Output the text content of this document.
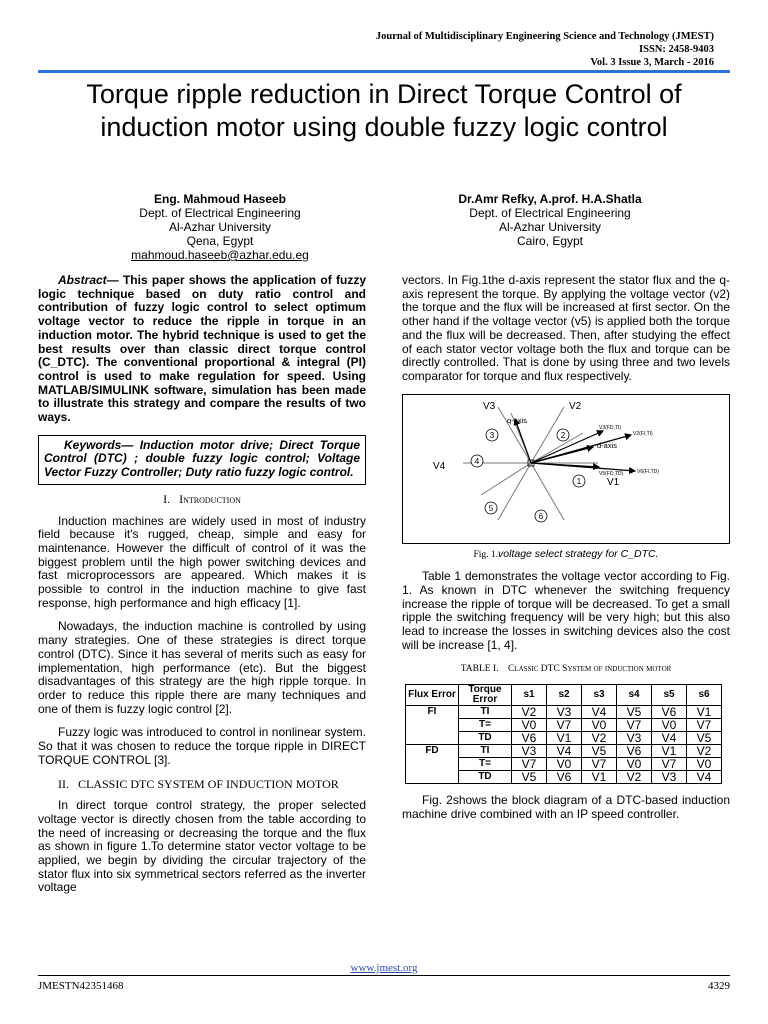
Journal of Multidisciplinary Engineering Science and Technology (JMEST)
ISSN: 2458-9403
Vol. 3 Issue 3, March - 2016
Torque ripple reduction in Direct Torque Control of induction motor using double fuzzy logic control
Eng. Mahmoud Haseeb
Dept. of Electrical Engineering
Al-Azhar University
Qena, Egypt
mahmoud.haseeb@azhar.edu.eg
Dr.Amr Refky, A.prof. H.A.Shatla
Dept. of Electrical Engineering
Al-Azhar University
Cairo, Egypt

Abstract— This paper shows the application of fuzzy logic technique based on duty ratio control and contribution of fuzzy logic control to select optimum voltage vector to reduce the ripple in torque in an induction motor. The hybrid technique is used to get the best results over than classic direct torque control (C_DTC). The conventional proportional & integral (PI) control is used to make regulation for speed. Using MATLAB/SIMULINK software, simulation has been made to illustrate this strategy and compare the results of two ways.

Keywords— Induction motor drive; Direct Torque Control (DTC) ; double fuzzy logic control; Voltage Vector Fuzzy Controller; Duty ratio fuzzy logic control.
I. Introduction

Induction machines are widely used in most of industry field because it's rugged, cheap, simple and easy for maintenance. However the difficult of control of it was the biggest problem until the high power switching devices and fast microprocessors are appeared. Which makes it is possible to control in the induction machine to give fast response, high performance and high efficacy [1].

Nowadays, the induction machine is controlled by using many strategies. One of these strategies is direct torque control (DTC). Since it has several of merits such as easy for implementation, high performance (etc). But the biggest disadvantages of this strategy are the high ripple torque. In order to reduce this ripple there are many techniques and one of them is fuzzy logic control [2].

Fuzzy logic was introduced to control in nonlinear system. So that it was chosen to reduce the torque ripple in DIRECT TORQUE CONTROL [3].

II. CLASSIC DTC SYSTEM OF INDUCTION MOTOR

In direct torque control strategy, the proper selected voltage vector is directly chosen from the table according to the need of increasing or decreasing the torque and the flux as shown in figure 1.To determine stator vector voltage to be applied, we begin by dividing the circular trajectory of the stator flux into six symmetrical sectors referred as the inverter voltage

vectors. In Fig.1the d-axis represent the stator flux and the q-axis represent the torque. By applying the voltage vector (v2) the torque and the flux will be increased at first sector. On the other hand if the voltage vector (v5) is applied both the torque and the flux will be decreased. Then, after studying the effect of each stator vector voltage both the flux and torque can be directly controlled. That is done by using three and two levels comparator for torque and flux respectively.

V3	V2
V4
V1
q-axis
d-axis
V2(FI,TI)
V3(FD,TI)
V5(FD,TD)	V6(FI,TD)
3	2
4
1
5
6
Fig. 1.voltage select strategy for C_DTC.

Table 1 demonstrates the voltage vector according to Fig. 1. As known in DTC whenever the switching frequency increase the ripple of torque will be decreased. To get a small ripple the switching frequency will be very high; but this also lead to increase the losses in switching devices also the cost will be increase [1, 4].

TABLE I. Classic DTC System of induction motor
Flux Error	Torque Error	s1	s2	s3	s4	s5	s6
FI	TI	V2	V3	V4	V5	V6	V1
	T=	V0	V7	V0	V7	V0	V7
	TD	V6	V1	V2	V3	V4	V5
FD	TI	V3	V4	V5	V6	V1	V2
	T=	V7	V0	V7	V0	V7	V0
	TD	V5	V6	V1	V2	V3	V4

Fig. 2shows the block diagram of a DTC-based induction machine drive combined with an IP speed controller.

www.jmest.org
JMESTN42351468	4329
